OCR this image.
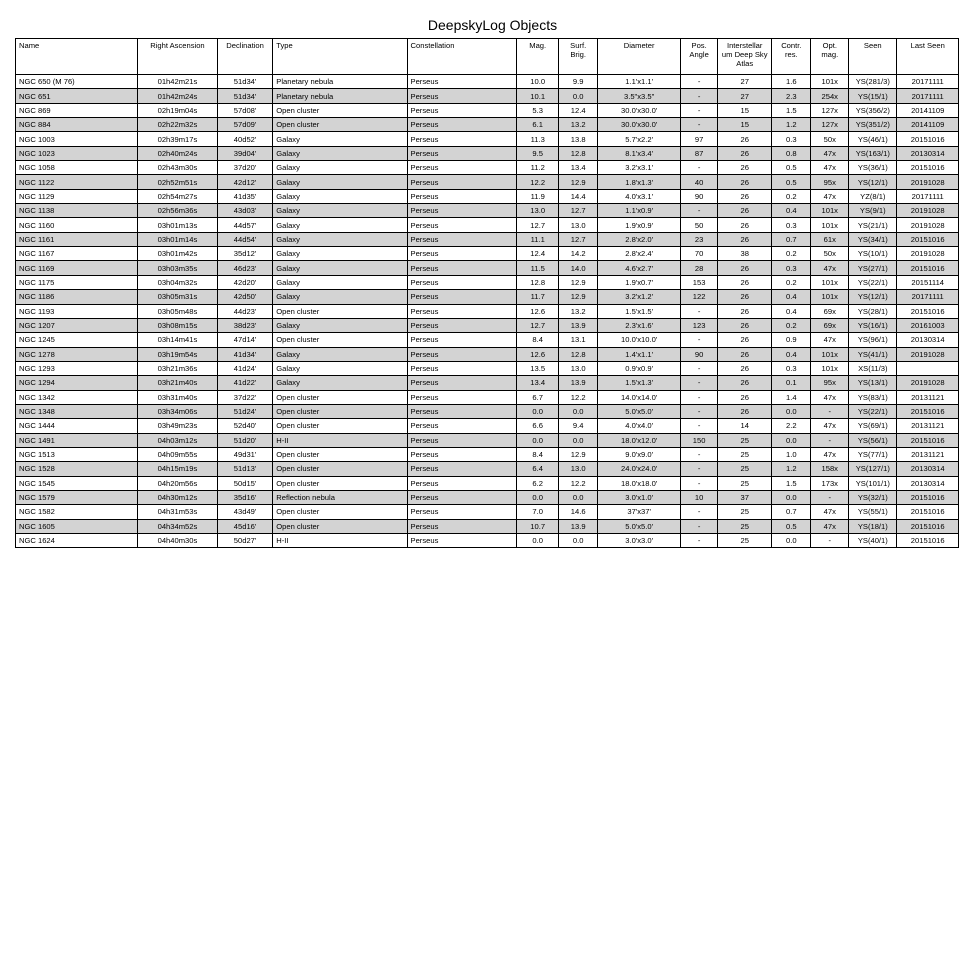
DeepskyLog Objects
Name	Right Ascension	Declination	Type	Constellation	Mag.	Surf. Brig.	Diameter	Pos. Angle	Interstellar um Deep Sky Atlas	Contr. res.	Opt. mag.	Seen	Last Seen
NGC 650 (M 76)	01h42m21s	51d34'	Planetary nebula	Perseus	10.0	9.9	1.1'x1.1'	-	27	1.6	101x	YS(281/3)	20171111
NGC 651	01h42m24s	51d34'	Planetary nebula	Perseus	10.1	0.0	3.5"x3.5"	-	27	2.3	254x	YS(15/1)	20171111
NGC 869	02h19m04s	57d08'	Open cluster	Perseus	5.3	12.4	30.0'x30.0'	-	15	1.5	127x	YS(356/2)	20141109
NGC 884	02h22m32s	57d09'	Open cluster	Perseus	6.1	13.2	30.0'x30.0'	-	15	1.2	127x	YS(351/2)	20141109
NGC 1003	02h39m17s	40d52'	Galaxy	Perseus	11.3	13.8	5.7'x2.2'	97	26	0.3	50x	YS(46/1)	20151016
NGC 1023	02h40m24s	39d04'	Galaxy	Perseus	9.5	12.8	8.1'x3.4'	87	26	0.8	47x	YS(163/1)	20130314
NGC 1058	02h43m30s	37d20'	Galaxy	Perseus	11.2	13.4	3.2'x3.1'	-	26	0.5	47x	YS(36/1)	20151016
NGC 1122	02h52m51s	42d12'	Galaxy	Perseus	12.2	12.9	1.8'x1.3'	40	26	0.5	95x	YS(12/1)	20191028
NGC 1129	02h54m27s	41d35'	Galaxy	Perseus	11.9	14.4	4.0'x3.1'	90	26	0.2	47x	YZ(8/1)	20171111
NGC 1138	02h56m36s	43d03'	Galaxy	Perseus	13.0	12.7	1.1'x0.9'	-	26	0.4	101x	YS(9/1)	20191028
NGC 1160	03h01m13s	44d57'	Galaxy	Perseus	12.7	13.0	1.9'x0.9'	50	26	0.3	101x	YS(21/1)	20191028
NGC 1161	03h01m14s	44d54'	Galaxy	Perseus	11.1	12.7	2.8'x2.0'	23	26	0.7	61x	YS(34/1)	20151016
NGC 1167	03h01m42s	35d12'	Galaxy	Perseus	12.4	14.2	2.8'x2.4'	70	38	0.2	50x	YS(10/1)	20191028
NGC 1169	03h03m35s	46d23'	Galaxy	Perseus	11.5	14.0	4.6'x2.7'	28	26	0.3	47x	YS(27/1)	20151016
NGC 1175	03h04m32s	42d20'	Galaxy	Perseus	12.8	12.9	1.9'x0.7'	153	26	0.2	101x	YS(22/1)	20151114
NGC 1186	03h05m31s	42d50'	Galaxy	Perseus	11.7	12.9	3.2'x1.2'	122	26	0.4	101x	YS(12/1)	20171111
NGC 1193	03h05m48s	44d23'	Open cluster	Perseus	12.6	13.2	1.5'x1.5'	-	26	0.4	69x	YS(28/1)	20151016
NGC 1207	03h08m15s	38d23'	Galaxy	Perseus	12.7	13.9	2.3'x1.6'	123	26	0.2	69x	YS(16/1)	20161003
NGC 1245	03h14m41s	47d14'	Open cluster	Perseus	8.4	13.1	10.0'x10.0'	-	26	0.9	47x	YS(96/1)	20130314
NGC 1278	03h19m54s	41d34'	Galaxy	Perseus	12.6	12.8	1.4'x1.1'	90	26	0.4	101x	YS(41/1)	20191028
NGC 1293	03h21m36s	41d24'	Galaxy	Perseus	13.5	13.0	0.9'x0.9'	-	26	0.3	101x	XS(11/3)	
NGC 1294	03h21m40s	41d22'	Galaxy	Perseus	13.4	13.9	1.5'x1.3'	-	26	0.1	95x	YS(13/1)	20191028
NGC 1342	03h31m40s	37d22'	Open cluster	Perseus	6.7	12.2	14.0'x14.0'	-	26	1.4	47x	YS(83/1)	20131121
NGC 1348	03h34m06s	51d24'	Open cluster	Perseus	0.0	0.0	5.0'x5.0'	-	26	0.0	-	YS(22/1)	20151016
NGC 1444	03h49m23s	52d40'	Open cluster	Perseus	6.6	9.4	4.0'x4.0'	-	14	2.2	47x	YS(69/1)	20131121
NGC 1491	04h03m12s	51d20'	H-II	Perseus	0.0	0.0	18.0'x12.0'	150	25	0.0	-	YS(56/1)	20151016
NGC 1513	04h09m55s	49d31'	Open cluster	Perseus	8.4	12.9	9.0'x9.0'	-	25	1.0	47x	YS(77/1)	20131121
NGC 1528	04h15m19s	51d13'	Open cluster	Perseus	6.4	13.0	24.0'x24.0'	-	25	1.2	158x	YS(127/1)	20130314
NGC 1545	04h20m56s	50d15'	Open cluster	Perseus	6.2	12.2	18.0'x18.0'	-	25	1.5	173x	YS(101/1)	20130314
NGC 1579	04h30m12s	35d16'	Reflection nebula	Perseus	0.0	0.0	3.0'x1.0'	10	37	0.0	-	YS(32/1)	20151016
NGC 1582	04h31m53s	43d49'	Open cluster	Perseus	7.0	14.6	37'x37'	-	25	0.7	47x	YS(55/1)	20151016
NGC 1605	04h34m52s	45d16'	Open cluster	Perseus	10.7	13.9	5.0'x5.0'	-	25	0.5	47x	YS(18/1)	20151016
NGC 1624	04h40m30s	50d27'	H-II	Perseus	0.0	0.0	3.0'x3.0'	-	25	0.0	-	YS(40/1)	20151016
